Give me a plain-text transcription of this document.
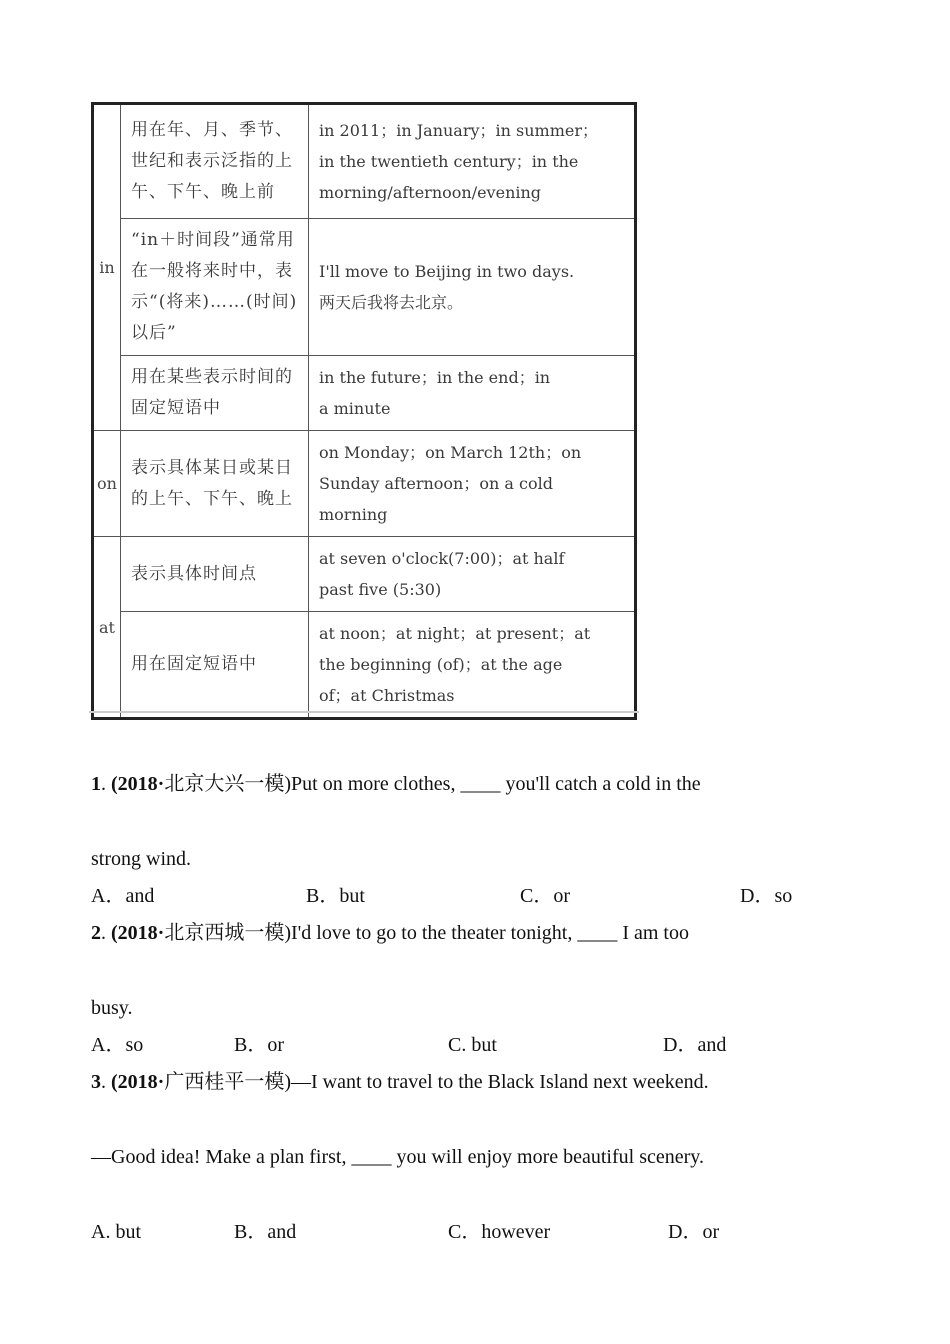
in	用在年、月、季节、世纪和表示泛指的上午、下午、晚上前	in 2011；in January；in summer；
in the twentieth century；in the
morning/afternoon/evening

	“in＋时间段”通常用在一般将来时中，表示“(将来)……(时间)以后”	I'll move to Beijing in two days.
两天后我将去北京。

	用在某些表示时间的固定短语中	in the future；in the end；in
a minute

on	表示具体某日或某日的上午、下午、晚上	on Monday；on March 12th；on
Sunday afternoon；on a cold
morning

at	表示具体时间点	at seven o'clock(7:00)；at half
past five (5:30)

	用在固定短语中	at noon；at night；at present；at
the beginning (of)；at the age
of；at Christmas
1. (2018·北京大兴一模)Put on more clothes, ____ you'll catch a cold in the
strong wind.
A．and	B．but	C．or	D．so
2. (2018·北京西城一模)I'd love to go to the theater tonight, ____ I am too
busy.
A．so	B．or	C. but	D．and
3. (2018·广西桂平一模)—I want to travel to the Black Island next weekend.
—Good idea! Make a plan first, ____ you will enjoy more beautiful scenery.
A. but	B．and	C．however	D．or
